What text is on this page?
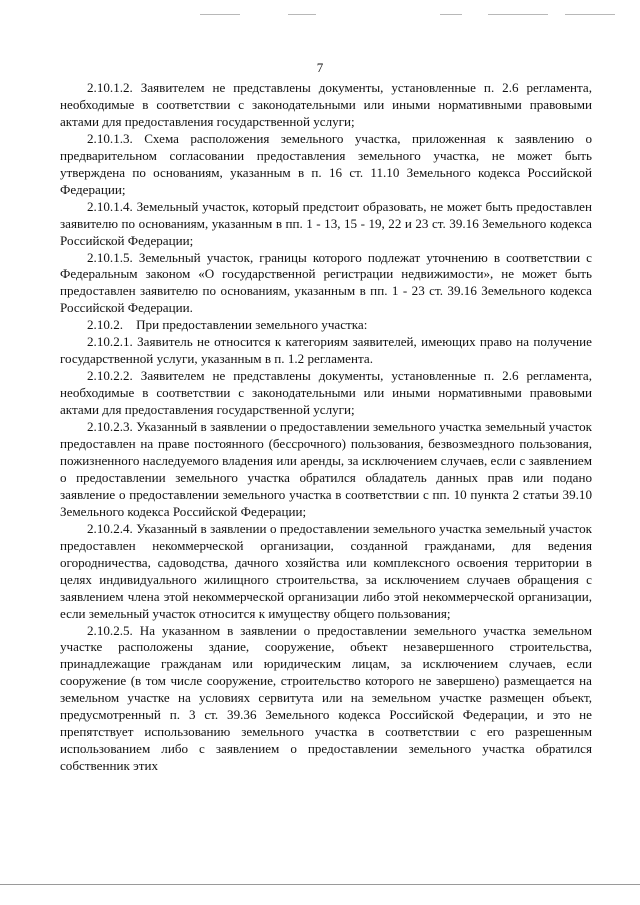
7

2.10.1.2. Заявителем не представлены документы, установленные п. 2.6 регламента, необходимые в соответствии с законодательными или иными нормативными правовыми актами для предоставления государственной услуги;

2.10.1.3. Схема расположения земельного участка, приложенная к заявлению о предварительном согласовании предоставления земельного участка, не может быть утверждена по основаниям, указанным в п. 16 ст. 11.10 Земельного кодекса Российской Федерации;

2.10.1.4. Земельный участок, который предстоит образовать, не может быть предоставлен заявителю по основаниям, указанным в пп. 1 - 13, 15 - 19, 22 и 23 ст. 39.16 Земельного кодекса Российской Федерации;

2.10.1.5. Земельный участок, границы которого подлежат уточнению в соответствии с Федеральным законом «О государственной регистрации недвижимости», не может быть предоставлен заявителю по основаниям, указанным в пп. 1 - 23 ст. 39.16 Земельного кодекса Российской Федерации.

2.10.2.    При предоставлении земельного участка:

2.10.2.1. Заявитель не относится к категориям заявителей, имеющих право на получение государственной услуги, указанным в п. 1.2 регламента.

2.10.2.2. Заявителем не представлены документы, установленные п. 2.6 регламента, необходимые в соответствии с законодательными или иными нормативными правовыми актами для предоставления государственной услуги;

2.10.2.3. Указанный в заявлении о предоставлении земельного участка земельный участок предоставлен на праве постоянного (бессрочного) пользования, безвозмездного пользования, пожизненного наследуемого владения или аренды, за исключением случаев, если с заявлением о предоставлении земельного участка обратился обладатель данных прав или подано заявление о предоставлении земельного участка в соответствии с пп. 10 пункта 2 статьи 39.10 Земельного кодекса Российской Федерации;

2.10.2.4. Указанный в заявлении о предоставлении земельного участка земельный участок предоставлен некоммерческой организации, созданной гражданами, для ведения огородничества, садоводства, дачного хозяйства или комплексного освоения территории в целях индивидуального жилищного строительства, за исключением случаев обращения с заявлением члена этой некоммерческой организации либо этой некоммерческой организации, если земельный участок относится к имуществу общего пользования;

2.10.2.5. На указанном в заявлении о предоставлении земельного участка земельном участке расположены здание, сооружение, объект незавершенного строительства, принадлежащие гражданам или юридическим лицам, за исключением случаев, если сооружение (в том числе сооружение, строительство которого не завершено) размещается на земельном участке на условиях сервитута или на земельном участке размещен объект, предусмотренный п. 3 ст. 39.36 Земельного кодекса Российской Федерации, и это не препятствует использованию земельного участка в соответствии с его разрешенным использованием либо с заявлением о предоставлении земельного участка обратился собственник этих
